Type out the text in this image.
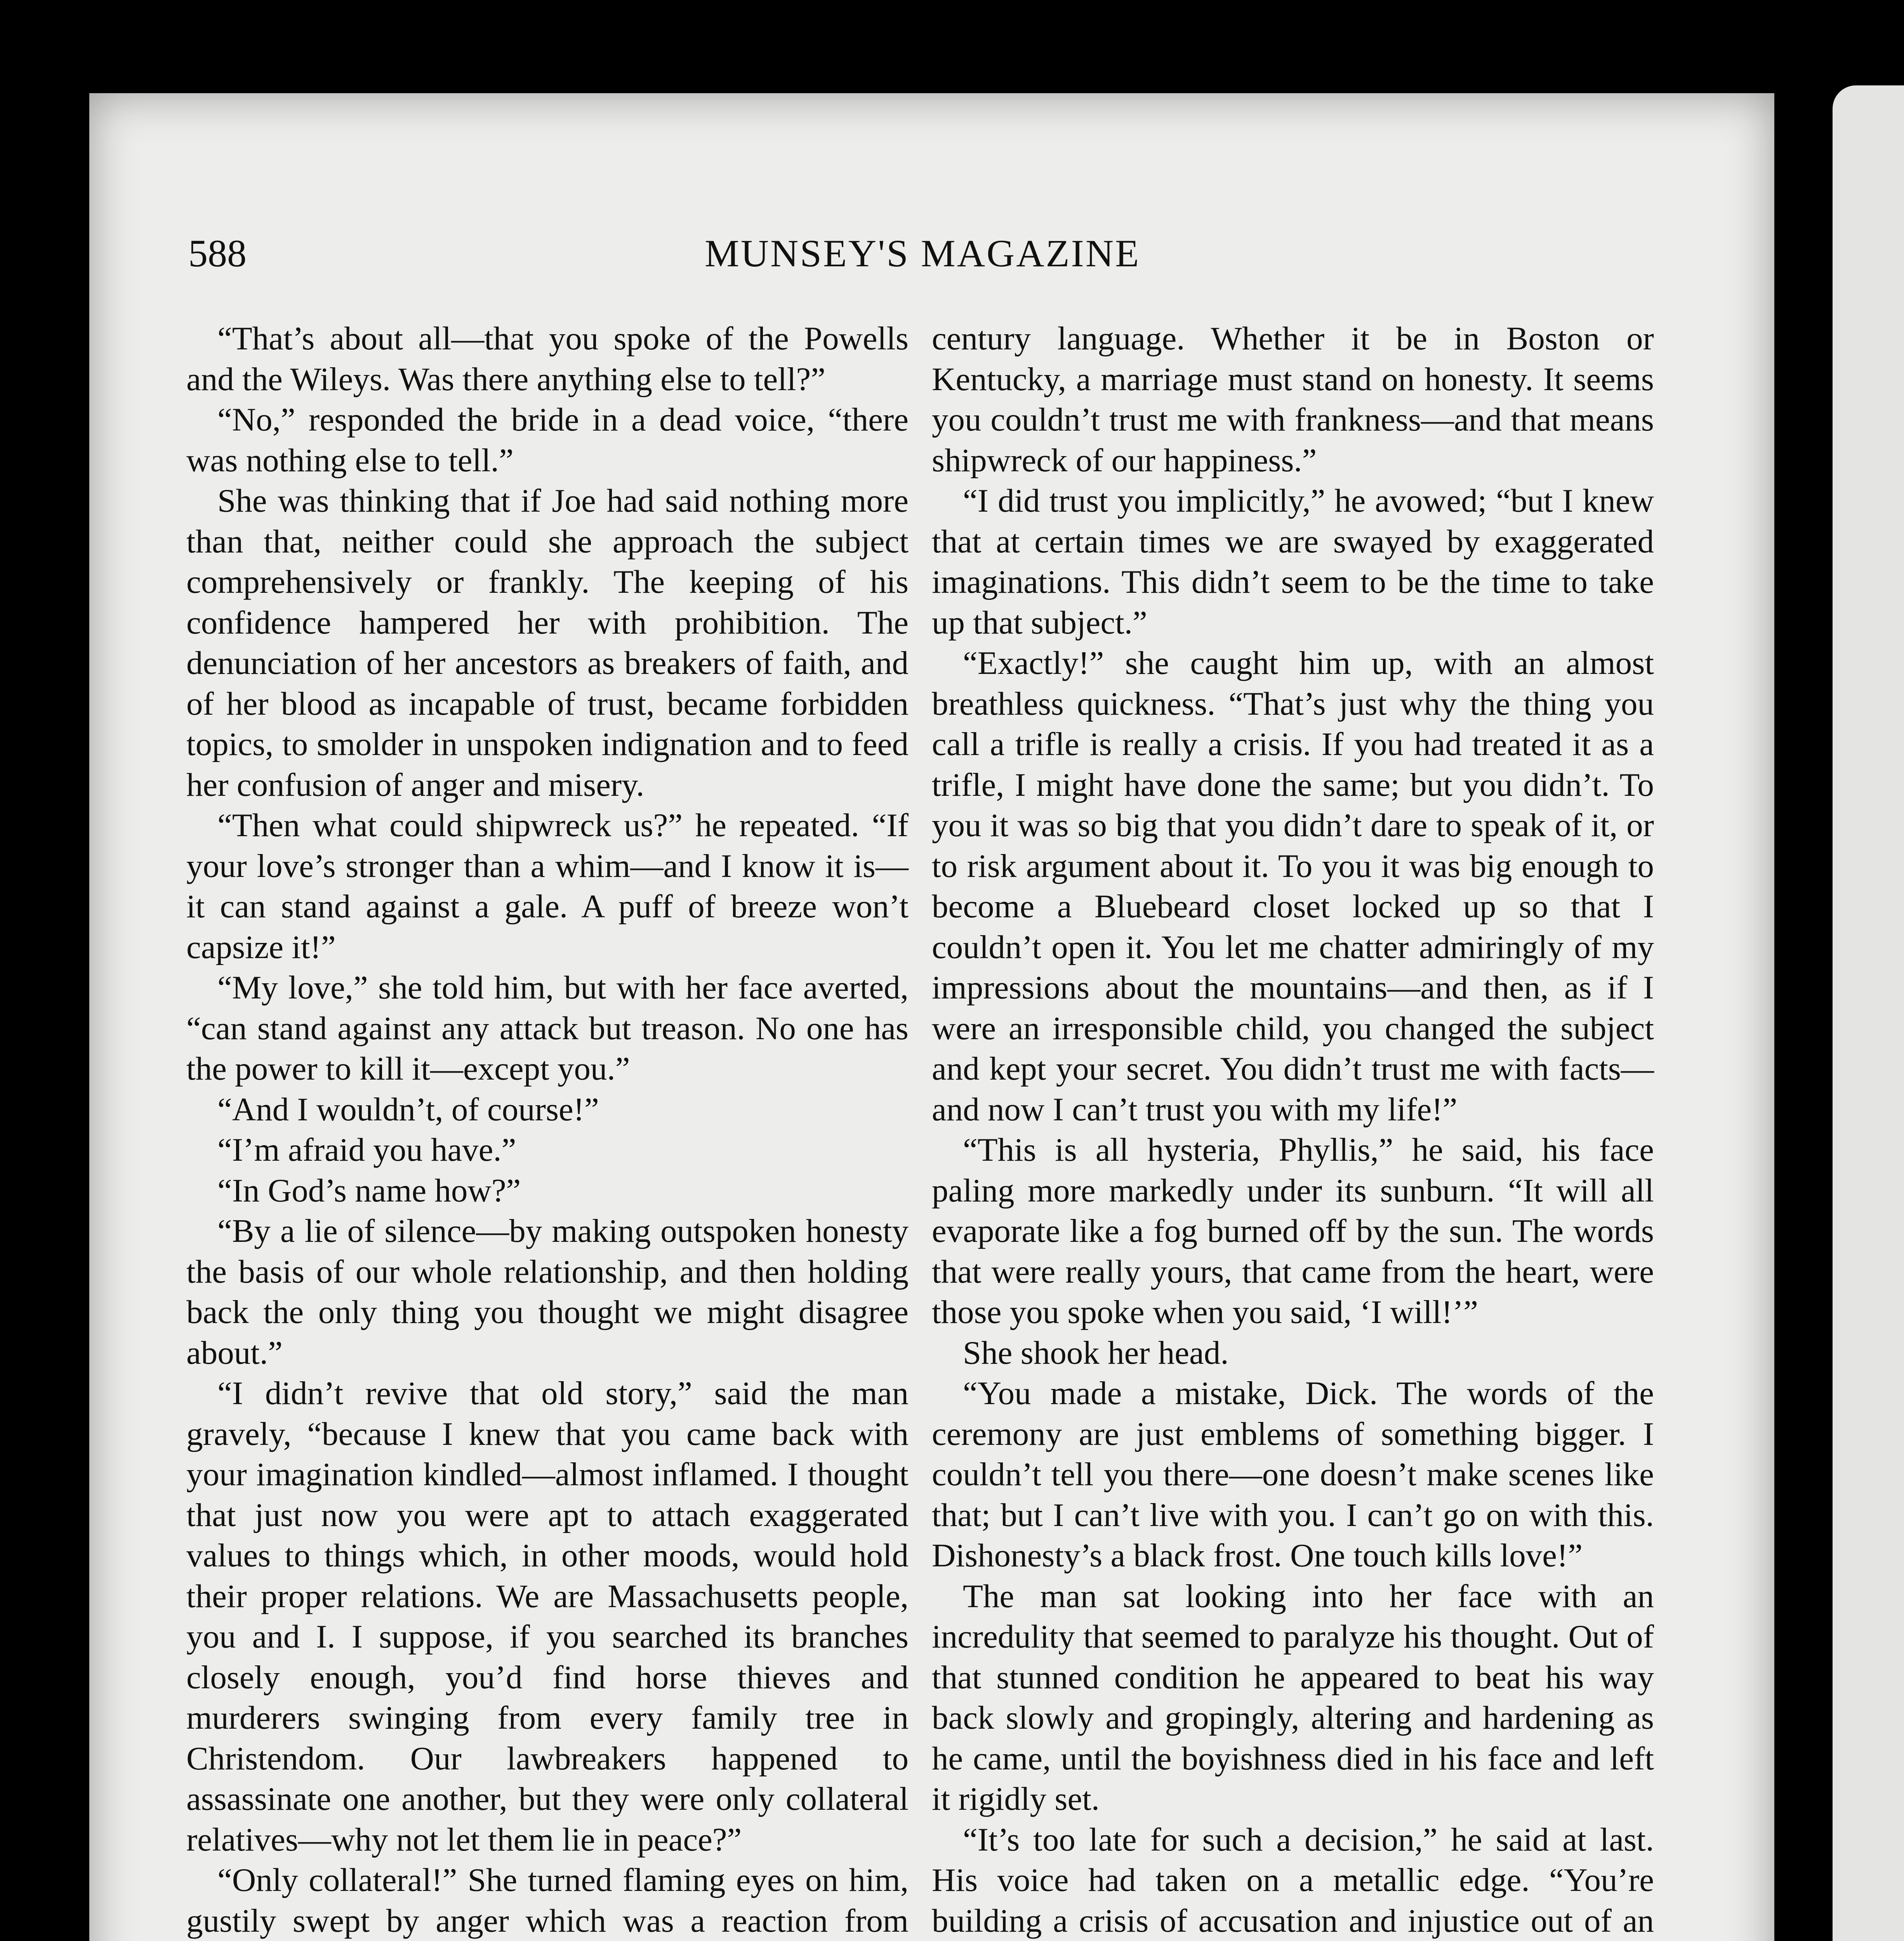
588	MUNSEY'S MAGAZINE

“That’s about all—that you spoke of the Powells and the Wileys. Was there anything else to tell?”

“No,” responded the bride in a dead voice, “there was nothing else to tell.”

She was thinking that if Joe had said nothing more than that, neither could she approach the subject comprehensively or frankly. The keeping of his confidence hampered her with prohibition. The denunciation of her ancestors as breakers of faith, and of her blood as incapable of trust, became forbidden topics, to smolder in unspoken indignation and to feed her confusion of anger and misery.

“Then what could shipwreck us?” he repeated. “If your love’s stronger than a whim—and I know it is—it can stand against a gale. A puff of breeze won’t capsize it!”

“My love,” she told him, but with her face averted, “can stand against any attack but treason. No one has the power to kill it—except you.”

“And I wouldn’t, of course!”

“I’m afraid you have.”

“In God’s name how?”

“By a lie of silence—by making outspoken honesty the basis of our whole relationship, and then holding back the only thing you thought we might disagree about.”

“I didn’t revive that old story,” said the man gravely, “because I knew that you came back with your imagination kindled—almost inflamed. I thought that just now you were apt to attach exaggerated values to things which, in other moods, would hold their proper relations. We are Massachusetts people, you and I. I suppose, if you searched its branches closely enough, you’d find horse thieves and murderers swinging from every family tree in Christendom. Our lawbreakers happened to assassinate one another, but they were only collateral relatives—why not let them lie in peace?”

“Only collateral!” She turned flaming eyes on him, gustily swept by anger which was a reaction from

century language. Whether it be in Boston or Kentucky, a marriage must stand on honesty. It seems you couldn’t trust me with frankness—and that means shipwreck of our happiness.”

“I did trust you implicitly,” he avowed; “but I knew that at certain times we are swayed by exaggerated imaginations. This didn’t seem to be the time to take up that subject.”

“Exactly!” she caught him up, with an almost breathless quickness. “That’s just why the thing you call a trifle is really a crisis. If you had treated it as a trifle, I might have done the same; but you didn’t. To you it was so big that you didn’t dare to speak of it, or to risk argument about it. To you it was big enough to become a Bluebeard closet locked up so that I couldn’t open it. You let me chatter admiringly of my impressions about the mountains—and then, as if I were an irresponsible child, you changed the subject and kept your secret. You didn’t trust me with facts—and now I can’t trust you with my life!”

“This is all hysteria, Phyllis,” he said, his face paling more markedly under its sunburn. “It will all evaporate like a fog burned off by the sun. The words that were really yours, that came from the heart, were those you spoke when you said, ‘I will!’”

She shook her head.

“You made a mistake, Dick. The words of the ceremony are just emblems of something bigger. I couldn’t tell you there—one doesn’t make scenes like that; but I can’t live with you. I can’t go on with this. Dishonesty’s a black frost. One touch kills love!”

The man sat looking into her face with an incredulity that seemed to paralyze his thought. Out of that stunned condition he appeared to beat his way back slowly and gropingly, altering and hardening as he came, until the boyishness died in his face and left it rigidly set.

“It’s too late for such a decision,” he said at last. His voice had taken on a metallic edge. “You’re building a crisis of accusation and injustice out of an
